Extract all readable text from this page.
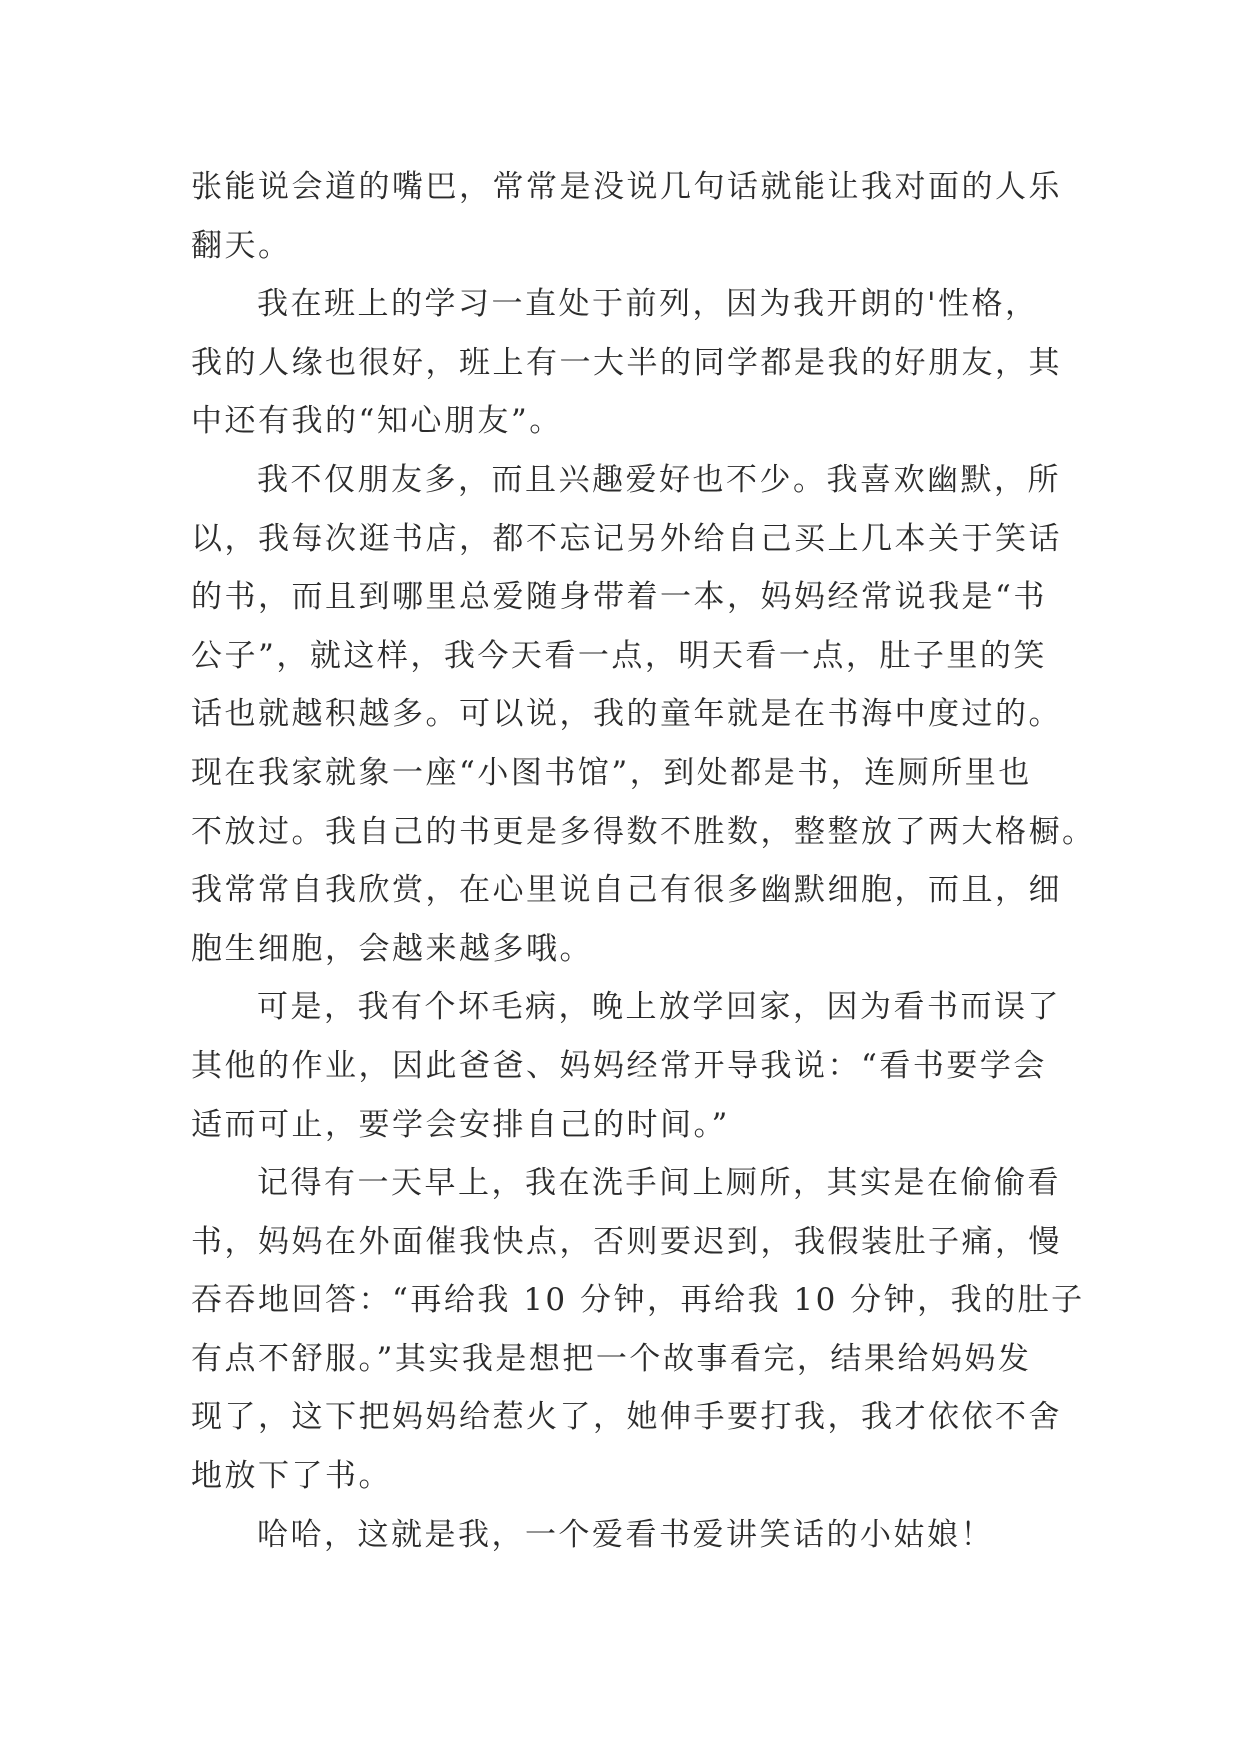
张能说会道的嘴巴，常常是没说几句话就能让我对面的人乐
翻天。
我在班上的学习一直处于前列，因为我开朗的'性格，
我的人缘也很好，班上有一大半的同学都是我的好朋友，其
中还有我的“知心朋友”。
我不仅朋友多，而且兴趣爱好也不少。我喜欢幽默，所
以，我每次逛书店，都不忘记另外给自己买上几本关于笑话
的书，而且到哪里总爱随身带着一本，妈妈经常说我是“书
公子”，就这样，我今天看一点，明天看一点，肚子里的笑
话也就越积越多。可以说，我的童年就是在书海中度过的。
现在我家就象一座“小图书馆”，到处都是书，连厕所里也
不放过。我自己的书更是多得数不胜数，整整放了两大格橱。
我常常自我欣赏，在心里说自己有很多幽默细胞，而且，细
胞生细胞，会越来越多哦。
可是，我有个坏毛病，晚上放学回家，因为看书而误了
其他的作业，因此爸爸、妈妈经常开导我说：“看书要学会
适而可止，要学会安排自己的时间。”
记得有一天早上，我在洗手间上厕所，其实是在偷偷看
书，妈妈在外面催我快点，否则要迟到，我假装肚子痛，慢
吞吞地回答：“再给我 10 分钟，再给我 10 分钟，我的肚子
有点不舒服。”其实我是想把一个故事看完，结果给妈妈发
现了，这下把妈妈给惹火了，她伸手要打我，我才依依不舍
地放下了书。
哈哈，这就是我，一个爱看书爱讲笑话的小姑娘！
